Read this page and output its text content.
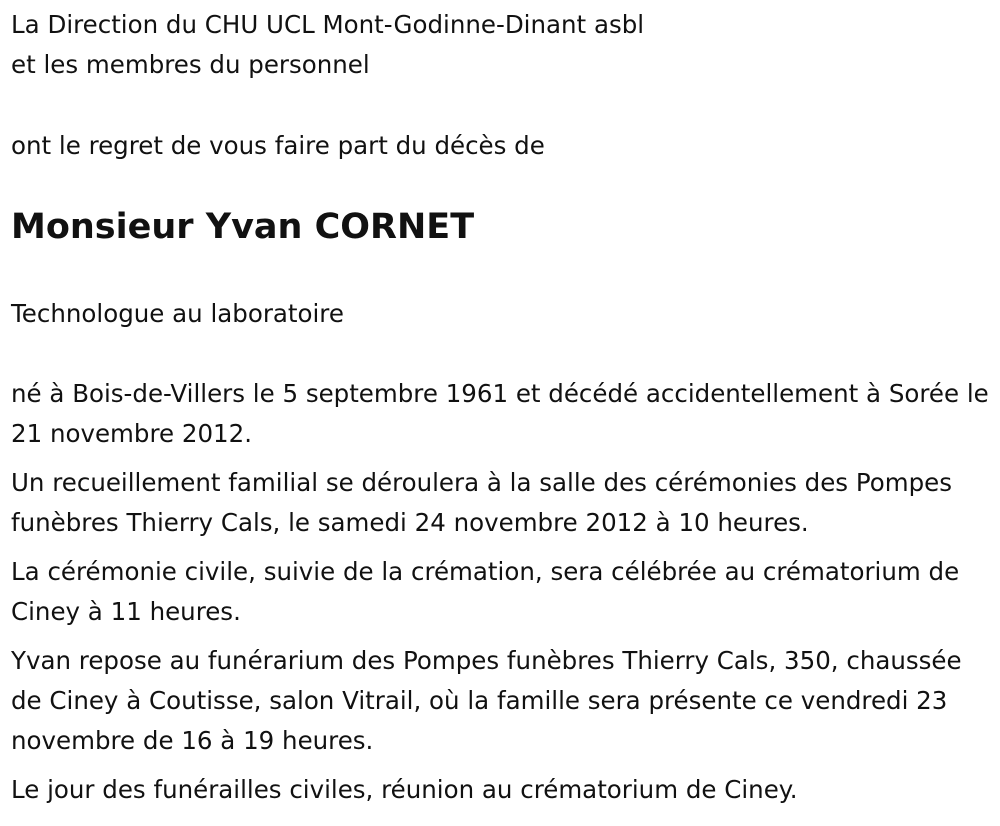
La Direction du CHU UCL Mont-Godinne-Dinant asbl
et les membres du personnel
ont le regret de vous faire part du décès de
Monsieur Yvan CORNET
Technologue au laboratoire

né à Bois-de-Villers le 5 septembre 1961 et décédé accidentellement à Sorée le 21 novembre 2012.

Un recueillement familial se déroulera à la salle des cérémonies des Pompes funèbres Thierry Cals, le samedi 24 novembre 2012 à 10 heures.

La cérémonie civile, suivie de la crémation, sera célébrée au crématorium de Ciney à 11 heures.

Yvan repose au funérarium des Pompes funèbres Thierry Cals, 350, chaussée de Ciney à Coutisse, salon Vitrail, où la famille sera présente ce vendredi 23 novembre de 16 à 19 heures.

Le jour des funérailles civiles, réunion au crématorium de Ciney.
